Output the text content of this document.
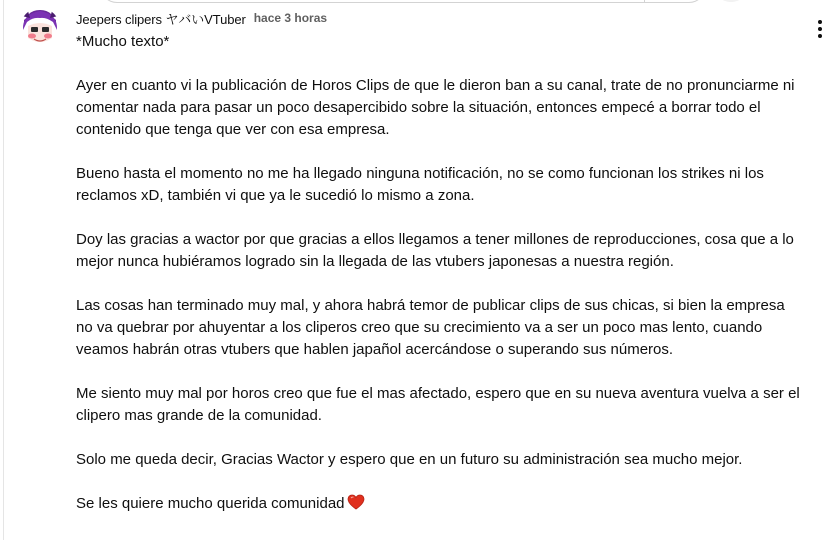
Jeepers clipers ヤバいVTuber hace 3 horas

*Mucho texto*

Ayer en cuanto vi la publicación de Horos Clips de que le dieron ban a su canal, trate de no pronunciarme ni comentar nada para pasar un poco desapercibido sobre la situación, entonces empecé a borrar todo el contenido que tenga que ver con esa empresa.

Bueno hasta el momento no me ha llegado ninguna notificación, no se como funcionan los strikes ni los reclamos xD, también vi que ya le sucedió lo mismo a zona.

Doy las gracias a wactor por que gracias a ellos llegamos a tener millones de reproducciones, cosa que a lo mejor nunca hubiéramos logrado sin la llegada de las vtubers japonesas a nuestra región.

Las cosas han terminado muy mal, y ahora habrá temor de publicar clips de sus chicas, si bien la empresa no va quebrar por ahuyentar a los cliperos creo que su crecimiento va a ser un poco mas lento, cuando veamos habrán otras vtubers que hablen japañol acercándose o superando sus números.

Me siento muy mal por horos creo que fue el mas afectado, espero que en su nueva aventura vuelva a ser el clipero mas grande de la comunidad.

Solo me queda decir, Gracias Wactor y espero que en un futuro su administración sea mucho mejor.

Se les quiere mucho querida comunidad
